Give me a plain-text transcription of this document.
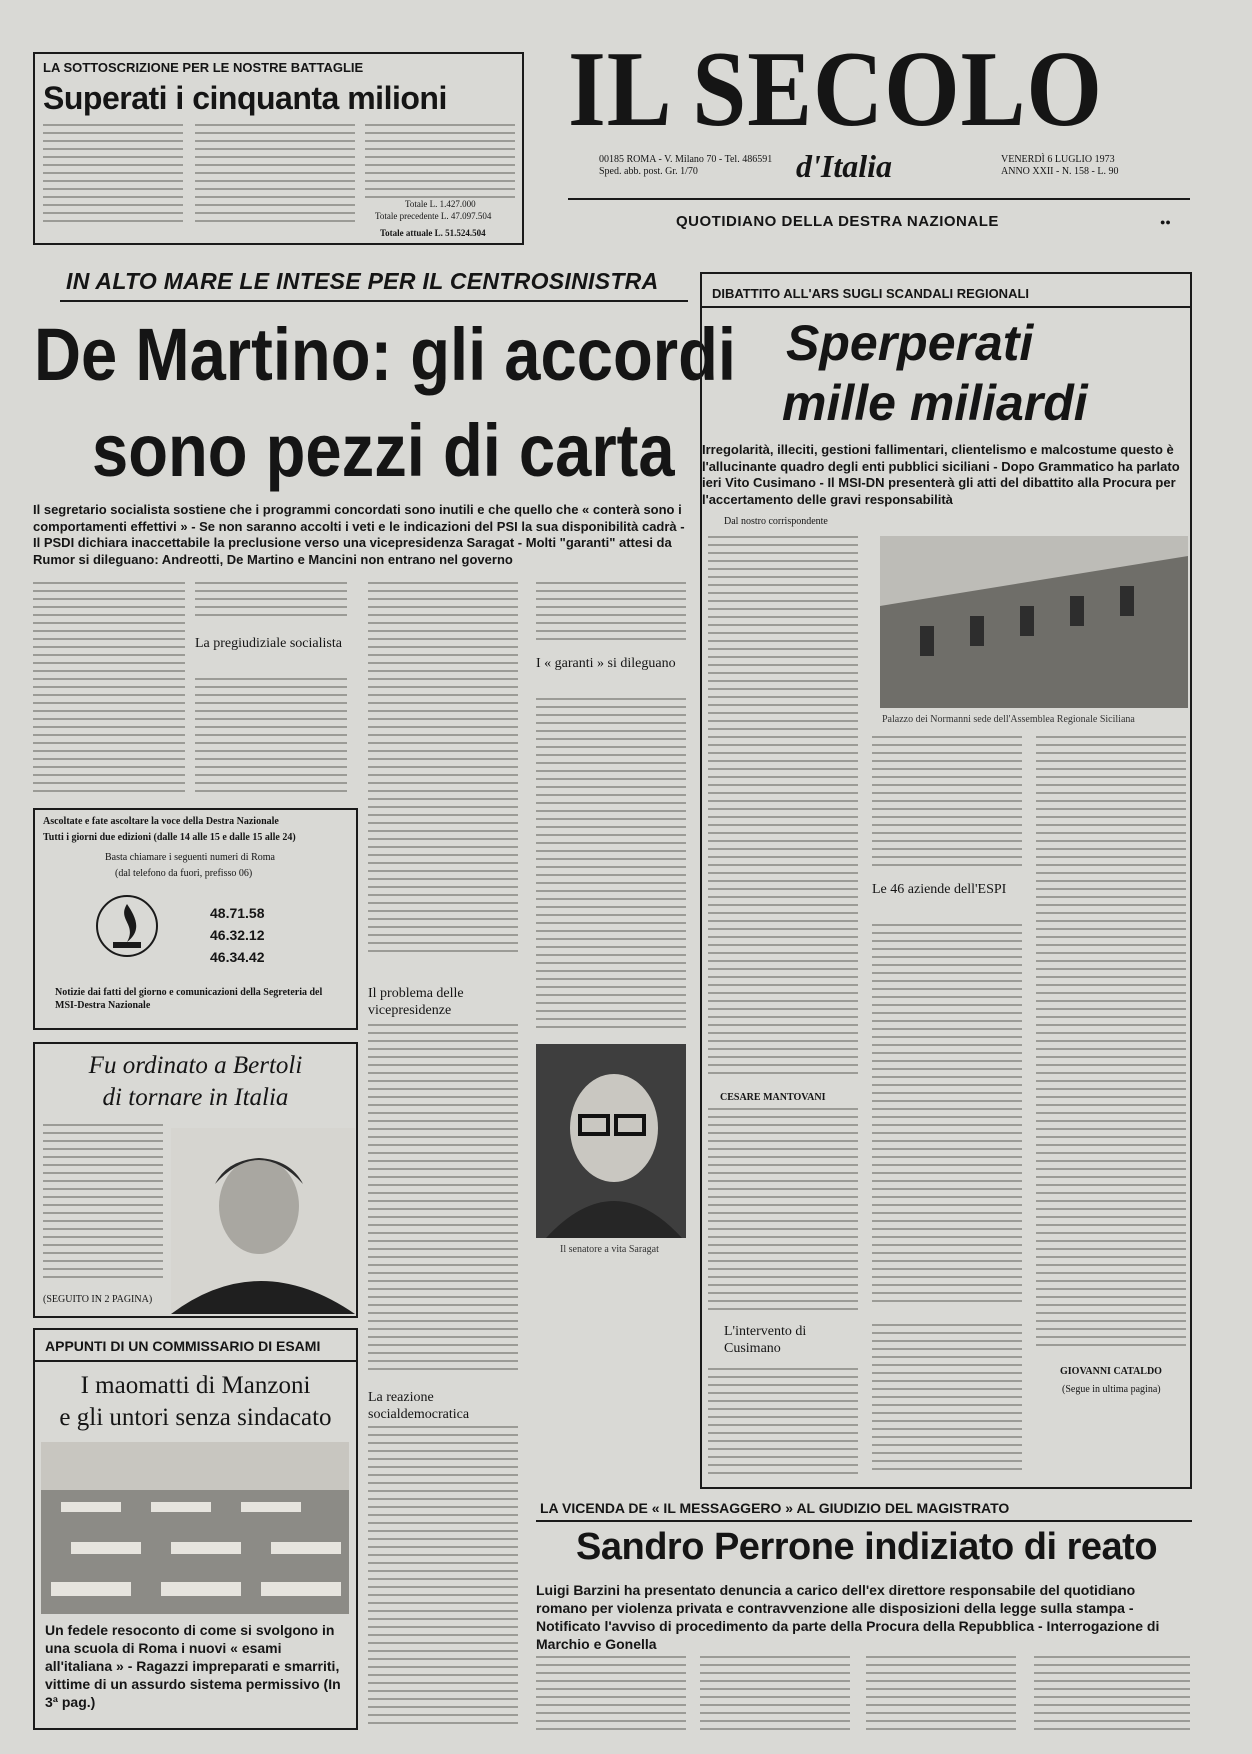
LA SOTTOSCRIZIONE PER LE NOSTRE BATTAGLIE
Superati i cinquanta milioni
Totale L. 1.427.000
Totale precedente L. 47.097.504
Totale attuale L. 51.524.504
IL SECOLO
00185 ROMA - V. Milano 70 - Tel. 486591
Sped. abb. post. Gr. 1/70	d'Italia	VENERDÌ 6 LUGLIO 1973
ANNO XXII - N. 158 - L. 90
QUOTIDIANO DELLA DESTRA NAZIONALE	●●
IN ALTO MARE LE INTESE PER IL CENTROSINISTRA
De Martino: gli accordi
sono pezzi di carta
Il segretario socialista sostiene che i programmi concordati sono inutili e che quello che « conterà sono i comportamenti effettivi » - Se non saranno accolti i veti e le indicazioni del PSI la sua disponibilità cadrà - Il PSDI dichiara inaccettabile la preclusione verso una vicepresidenza Saragat - Molti "garanti" attesi da Rumor si dileguano: Andreotti, De Martino e Mancini non entrano nel governo
La pregiudiziale socialista
Il problema delle vicepresidenze
La reazione socialdemocratica
I « garanti » si dileguano
Il senatore a vita Saragat
Ascoltate e fate ascoltare la voce della Destra Nazionale
Tutti i giorni due edizioni (dalle 14 alle 15 e dalle 15 alle 24)
Basta chiamare i seguenti numeri di Roma
(dal telefono da fuori, prefisso 06)
48.71.58
46.32.12
46.34.42
Notizie dai fatti del giorno e comunicazioni della Segreteria del MSI-Destra Nazionale
Fu ordinato a Bertoli
di tornare in Italia
(SEGUITO IN 2 PAGINA)
APPUNTI DI UN COMMISSARIO DI ESAMI
I maomatti di Manzoni
e gli untori senza sindacato
Un fedele resoconto di come si svolgono in una scuola di Roma i nuovi « esami all'italiana » - Ragazzi impreparati e smarriti, vittime di un assurdo sistema permissivo (In 3ª pag.)
DIBATTITO ALL'ARS SUGLI SCANDALI REGIONALI
Sperperati
mille miliardi
Irregolarità, illeciti, gestioni fallimentari, clientelismo e malcostume questo è l'allucinante quadro degli enti pubblici siciliani - Dopo Grammatico ha parlato ieri Vito Cusimano - Il MSI-DN presenterà gli atti del dibattito alla Procura per l'accertamento delle gravi responsabilità
Dal nostro corrispondente
CESARE MANTOVANI
Palazzo dei Normanni sede dell'Assemblea Regionale Siciliana
Le 46 aziende dell'ESPI
GIOVANNI CATALDO
(Segue in ultima pagina)
L'intervento di Cusimano
LA VICENDA DE « IL MESSAGGERO » AL GIUDIZIO DEL MAGISTRATO
Sandro Perrone indiziato di reato
Luigi Barzini ha presentato denuncia a carico dell'ex direttore responsabile del quotidiano romano per violenza privata e contravvenzione alle disposizioni della legge sulla stampa - Notificato l'avviso di procedimento da parte della Procura della Repubblica - Interrogazione di Marchio e Gonella
